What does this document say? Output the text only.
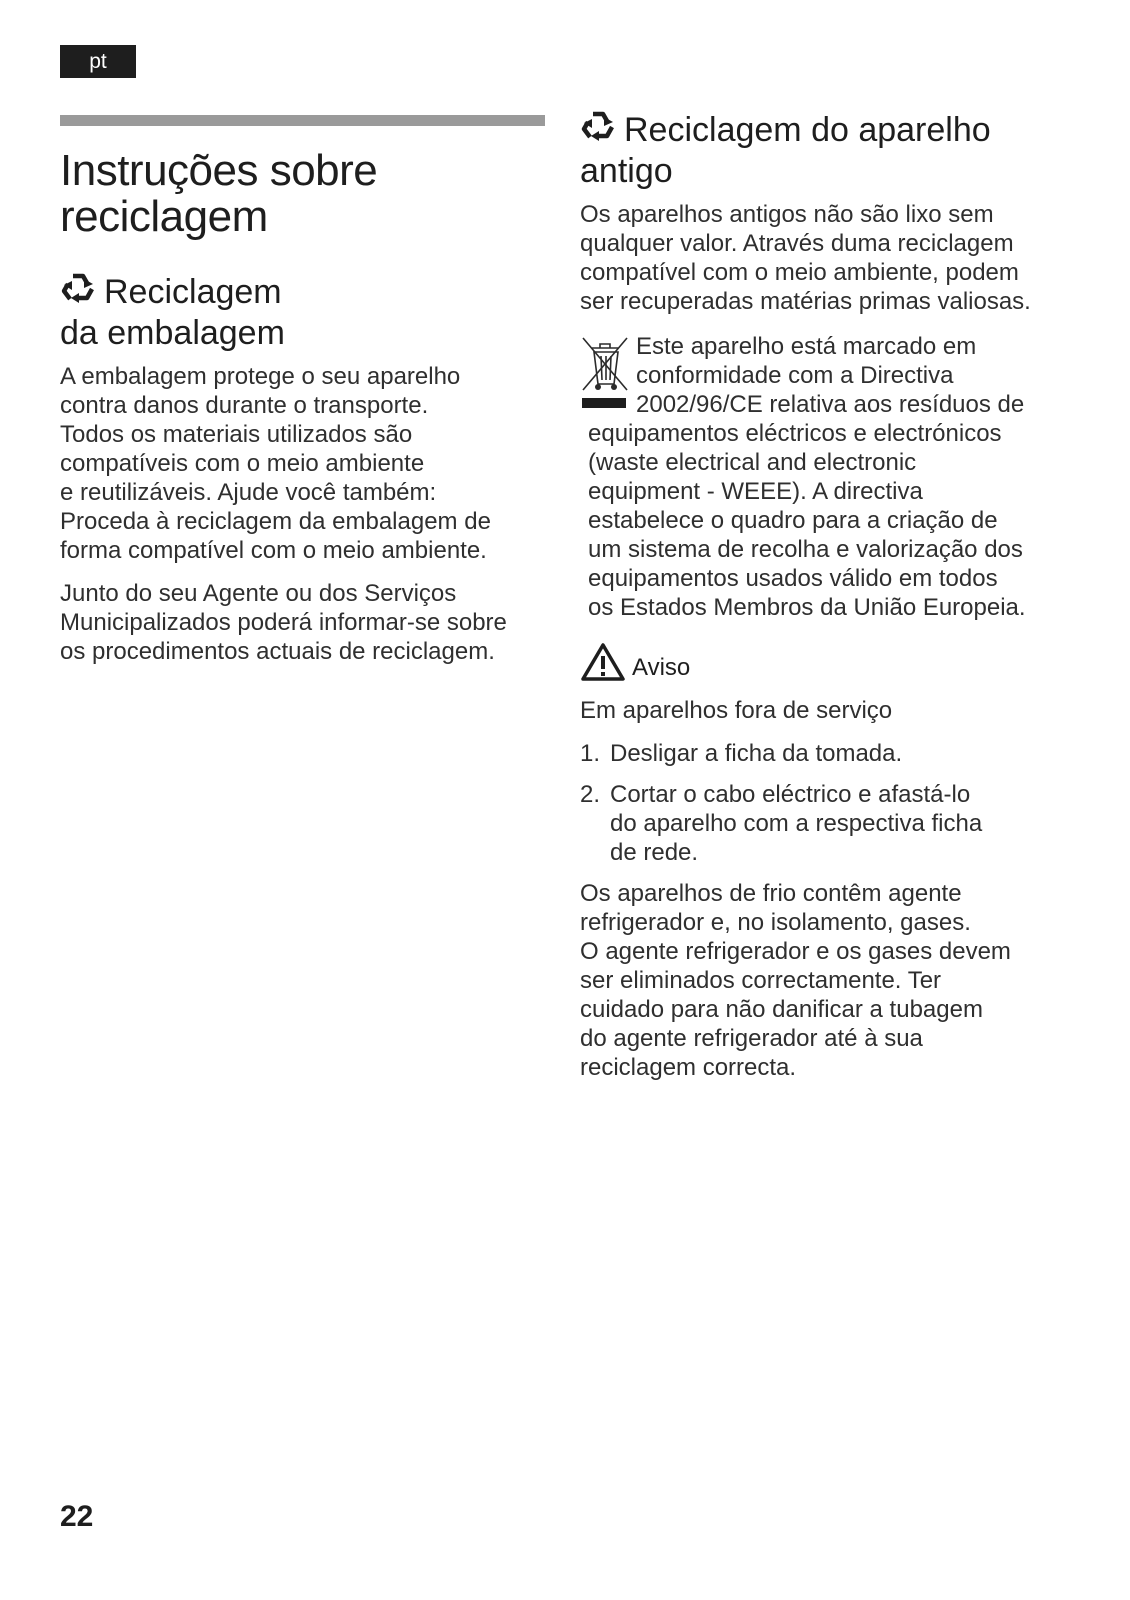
pt
Instruções sobre
reciclagem
Reciclagem
da embalagem

A embalagem protege o seu aparelho
contra danos durante o transporte.
Todos os materiais utilizados são
compatíveis com o meio ambiente
e reutilizáveis. Ajude você também:
Proceda à reciclagem da embalagem de
forma compatível com o meio ambiente.

Junto do seu Agente ou dos Serviços
Municipalizados poderá informar-se sobre
os procedimentos actuais de reciclagem.

Reciclagem do aparelho
antigo

Os aparelhos antigos não são lixo sem
qualquer valor. Através duma reciclagem
compatível com o meio ambiente, podem
ser recuperadas matérias primas valiosas.

Este aparelho está marcado em
conformidade com a Directiva
2002/96/CE relativa aos resíduos de

equipamentos eléctricos e electrónicos
(waste electrical and electronic
equipment - WEEE). A directiva
estabelece o quadro para a criação de
um sistema de recolha e valorização dos
equipamentos usados válido em todos
os Estados Membros da União Europeia.

Aviso

Em aparelhos fora de serviço

1. Desligar a ficha da tomada.
2. Cortar o cabo eléctrico e afastá-lo
do aparelho com a respectiva ficha
de rede.

Os aparelhos de frio contêm agente
refrigerador e, no isolamento, gases.
O agente refrigerador e os gases devem
ser eliminados correctamente. Ter
cuidado para não danificar a tubagem
do agente refrigerador até à sua
reciclagem correcta.

22
